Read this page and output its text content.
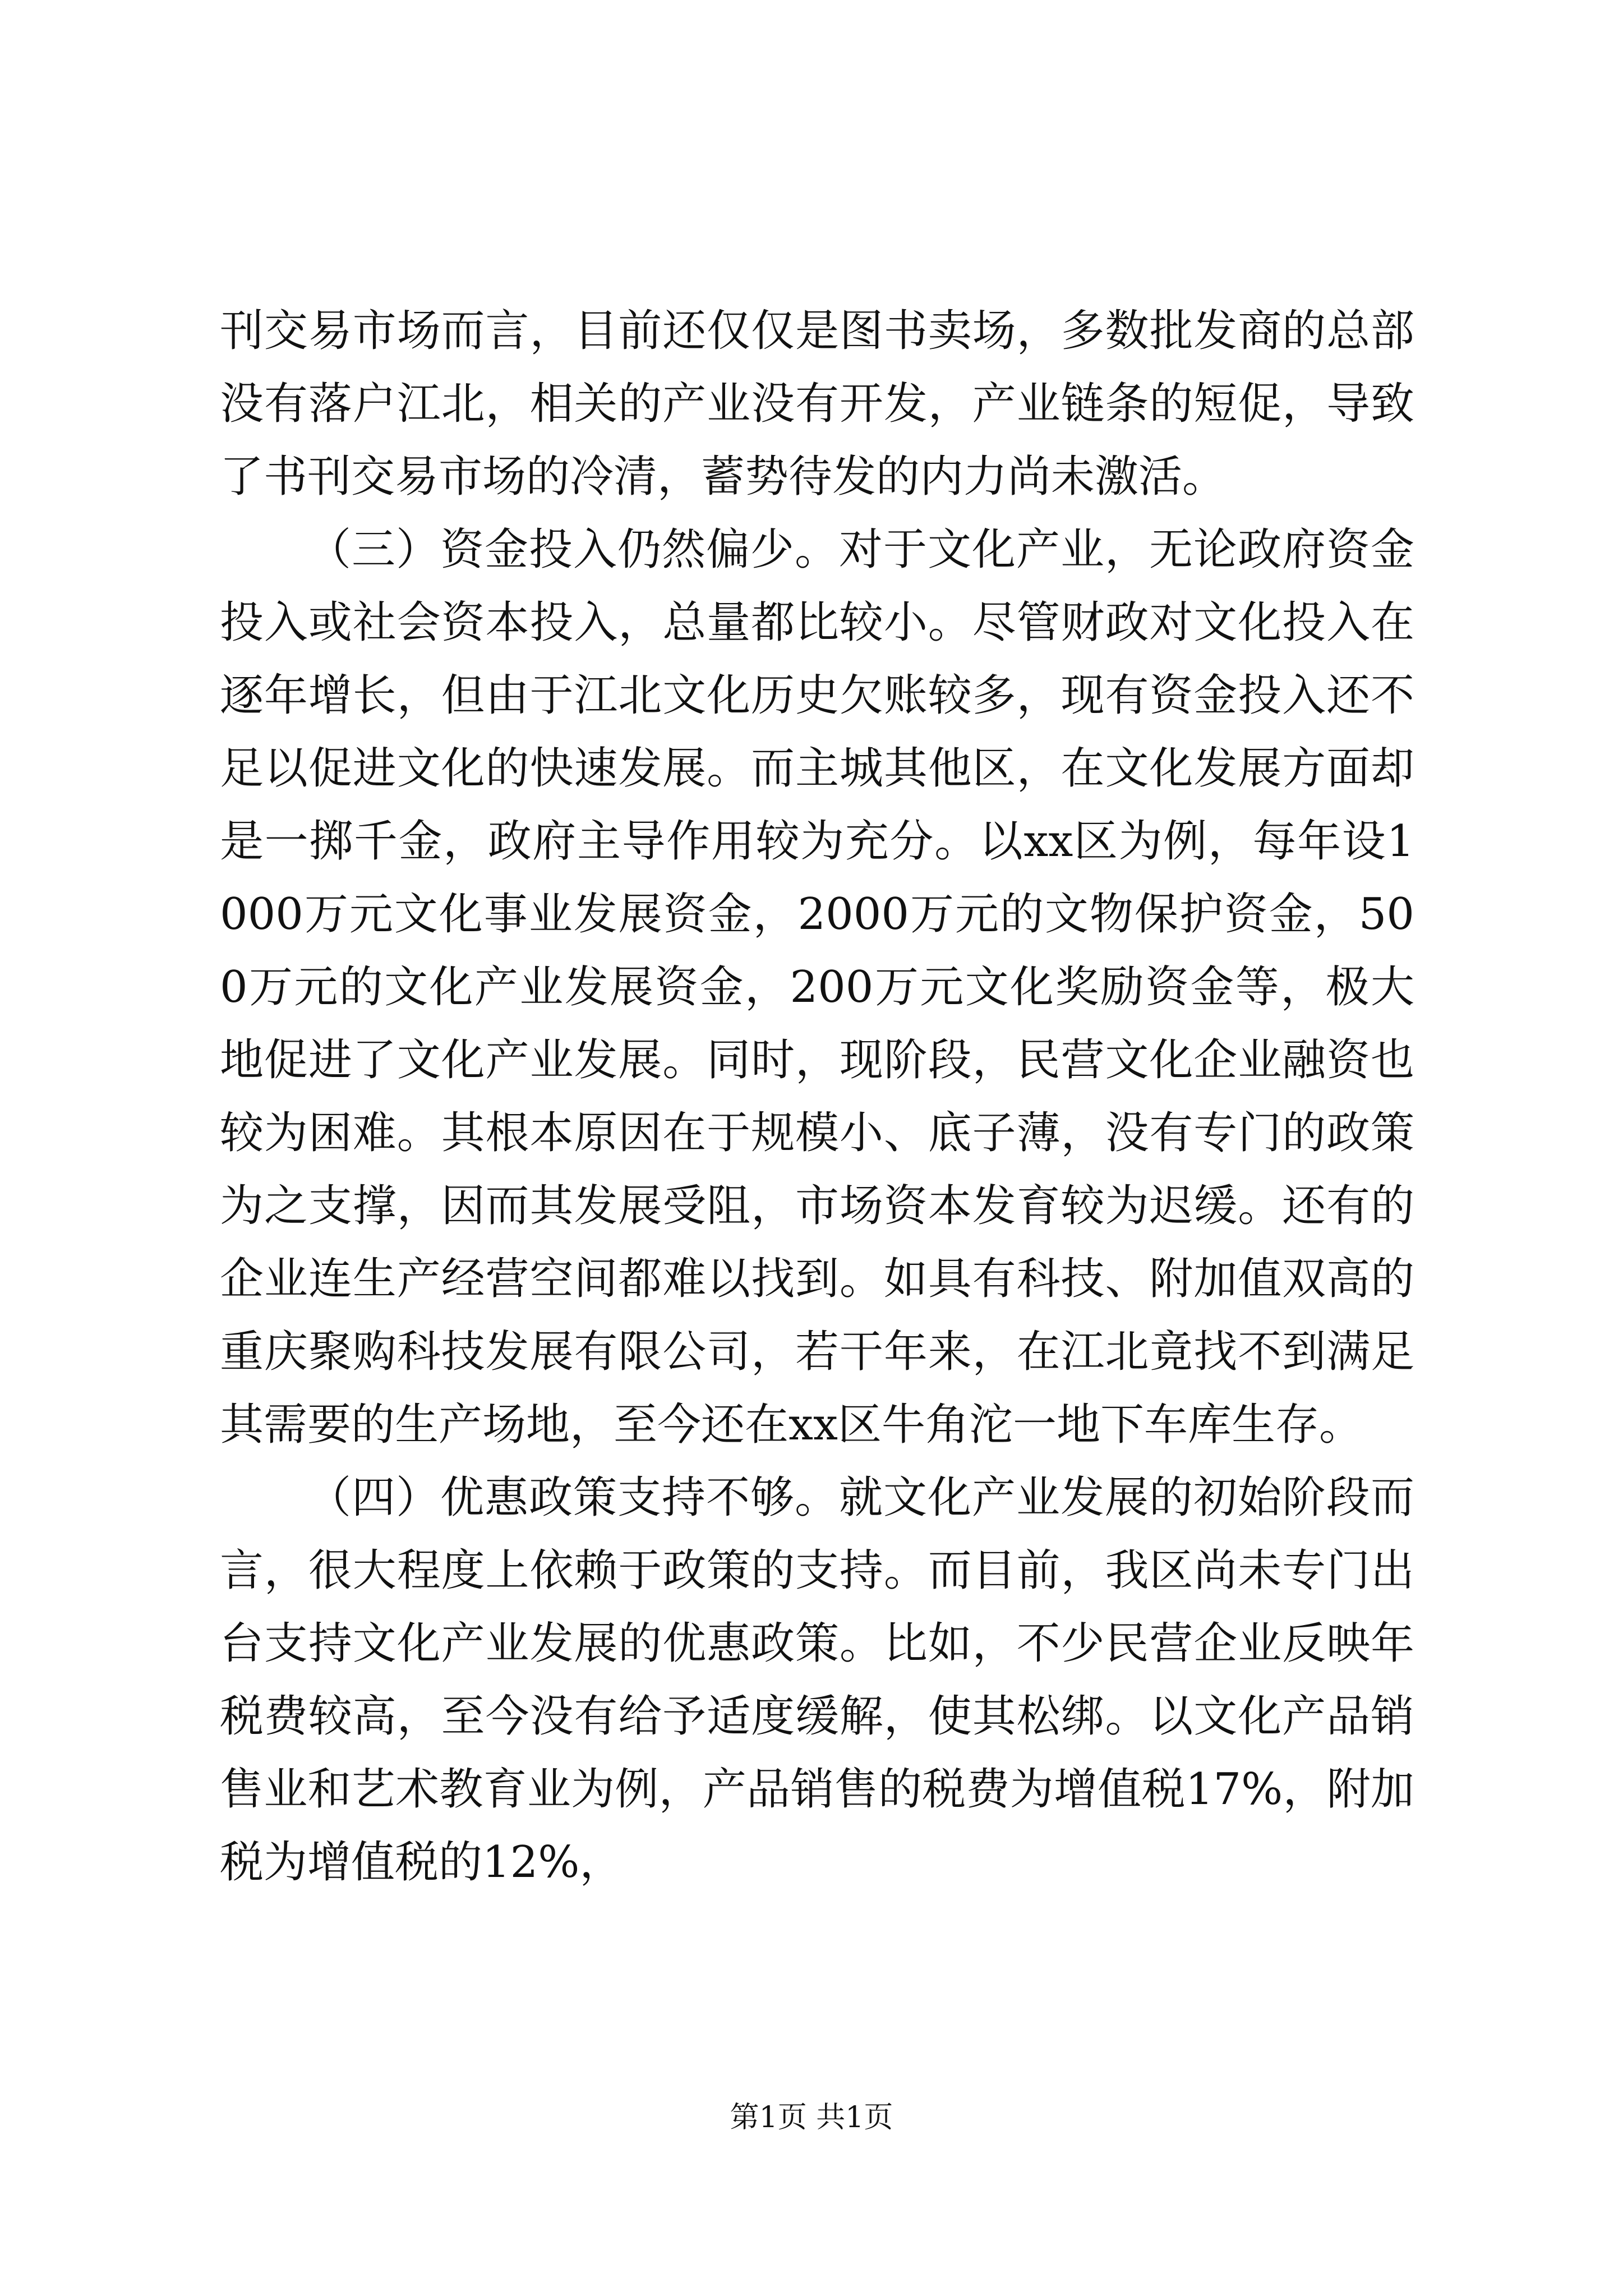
刊交易市场而言，目前还仅仅是图书卖场，多数批发商的总部没有落户江北，相关的产业没有开发，产业链条的短促，导致了书刊交易市场的冷清，蓄势待发的内力尚未激活。

（三）资金投入仍然偏少。对于文化产业，无论政府资金投入或社会资本投入，总量都比较小。尽管财政对文化投入在逐年增长，但由于江北文化历史欠账较多，现有资金投入还不足以促进文化的快速发展。而主城其他区，在文化发展方面却是一掷千金，政府主导作用较为充分。以xx区为例，每年设1000万元文化事业发展资金，2000万元的文物保护资金，500万元的文化产业发展资金，200万元文化奖励资金等，极大地促进了文化产业发展。同时，现阶段，民营文化企业融资也较为困难。其根本原因在于规模小、底子薄，没有专门的政策为之支撑，因而其发展受阻，市场资本发育较为迟缓。还有的企业连生产经营空间都难以找到。如具有科技、附加值双高的重庆聚购科技发展有限公司，若干年来，在江北竟找不到满足其需要的生产场地，至今还在xx区牛角沱一地下车库生存。

（四）优惠政策支持不够。就文化产业发展的初始阶段而言，很大程度上依赖于政策的支持。而目前，我区尚未专门出台支持文化产业发展的优惠政策。比如，不少民营企业反映年税费较高，至今没有给予适度缓解，使其松绑。以文化产品销售业和艺术教育业为例，产品销售的税费为增值税17%，附加税为增值税的12%，

第1页 共1页
